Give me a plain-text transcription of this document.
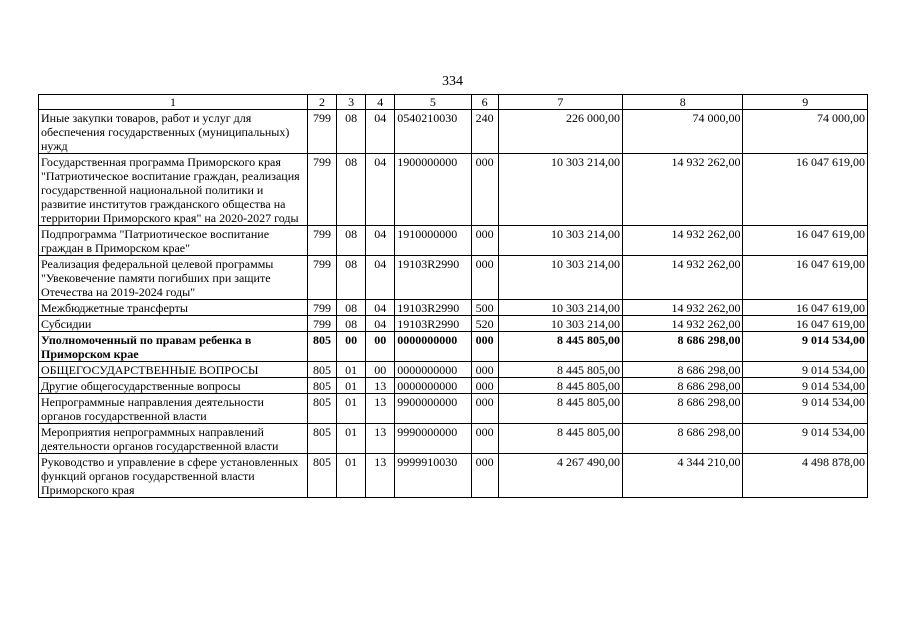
334
1	2	3	4	5	6	7	8	9
Иные закупки товаров, работ и услуг для обеспечения государственных (муниципальных) нужд	799	08	04	0540210030	240	226 000,00	74 000,00	74 000,00
Государственная программа Приморского края "Патриотическое воспитание граждан, реализация государственной национальной политики и развитие институтов гражданского общества на территории Приморского края" на 2020-2027 годы	799	08	04	1900000000	000	10 303 214,00	14 932 262,00	16 047 619,00
Подпрограмма "Патриотическое воспитание граждан в Приморском крае"	799	08	04	1910000000	000	10 303 214,00	14 932 262,00	16 047 619,00
Реализация федеральной целевой программы "Увековечение памяти погибших при защите Отечества на 2019-2024 годы"	799	08	04	19103R2990	000	10 303 214,00	14 932 262,00	16 047 619,00
Межбюджетные трансферты	799	08	04	19103R2990	500	10 303 214,00	14 932 262,00	16 047 619,00
Субсидии	799	08	04	19103R2990	520	10 303 214,00	14 932 262,00	16 047 619,00
Уполномоченный по правам ребенка в Приморском крае	805	00	00	0000000000	000	8 445 805,00	8 686 298,00	9 014 534,00
ОБЩЕГОСУДАРСТВЕННЫЕ ВОПРОСЫ	805	01	00	0000000000	000	8 445 805,00	8 686 298,00	9 014 534,00
Другие общегосударственные вопросы	805	01	13	0000000000	000	8 445 805,00	8 686 298,00	9 014 534,00
Непрограммные направления деятельности органов государственной власти	805	01	13	9900000000	000	8 445 805,00	8 686 298,00	9 014 534,00
Мероприятия непрограммных направлений деятельности органов государственной власти	805	01	13	9990000000	000	8 445 805,00	8 686 298,00	9 014 534,00
Руководство и управление в сфере установленных функций органов государственной власти Приморского края	805	01	13	9999910030	000	4 267 490,00	4 344 210,00	4 498 878,00
